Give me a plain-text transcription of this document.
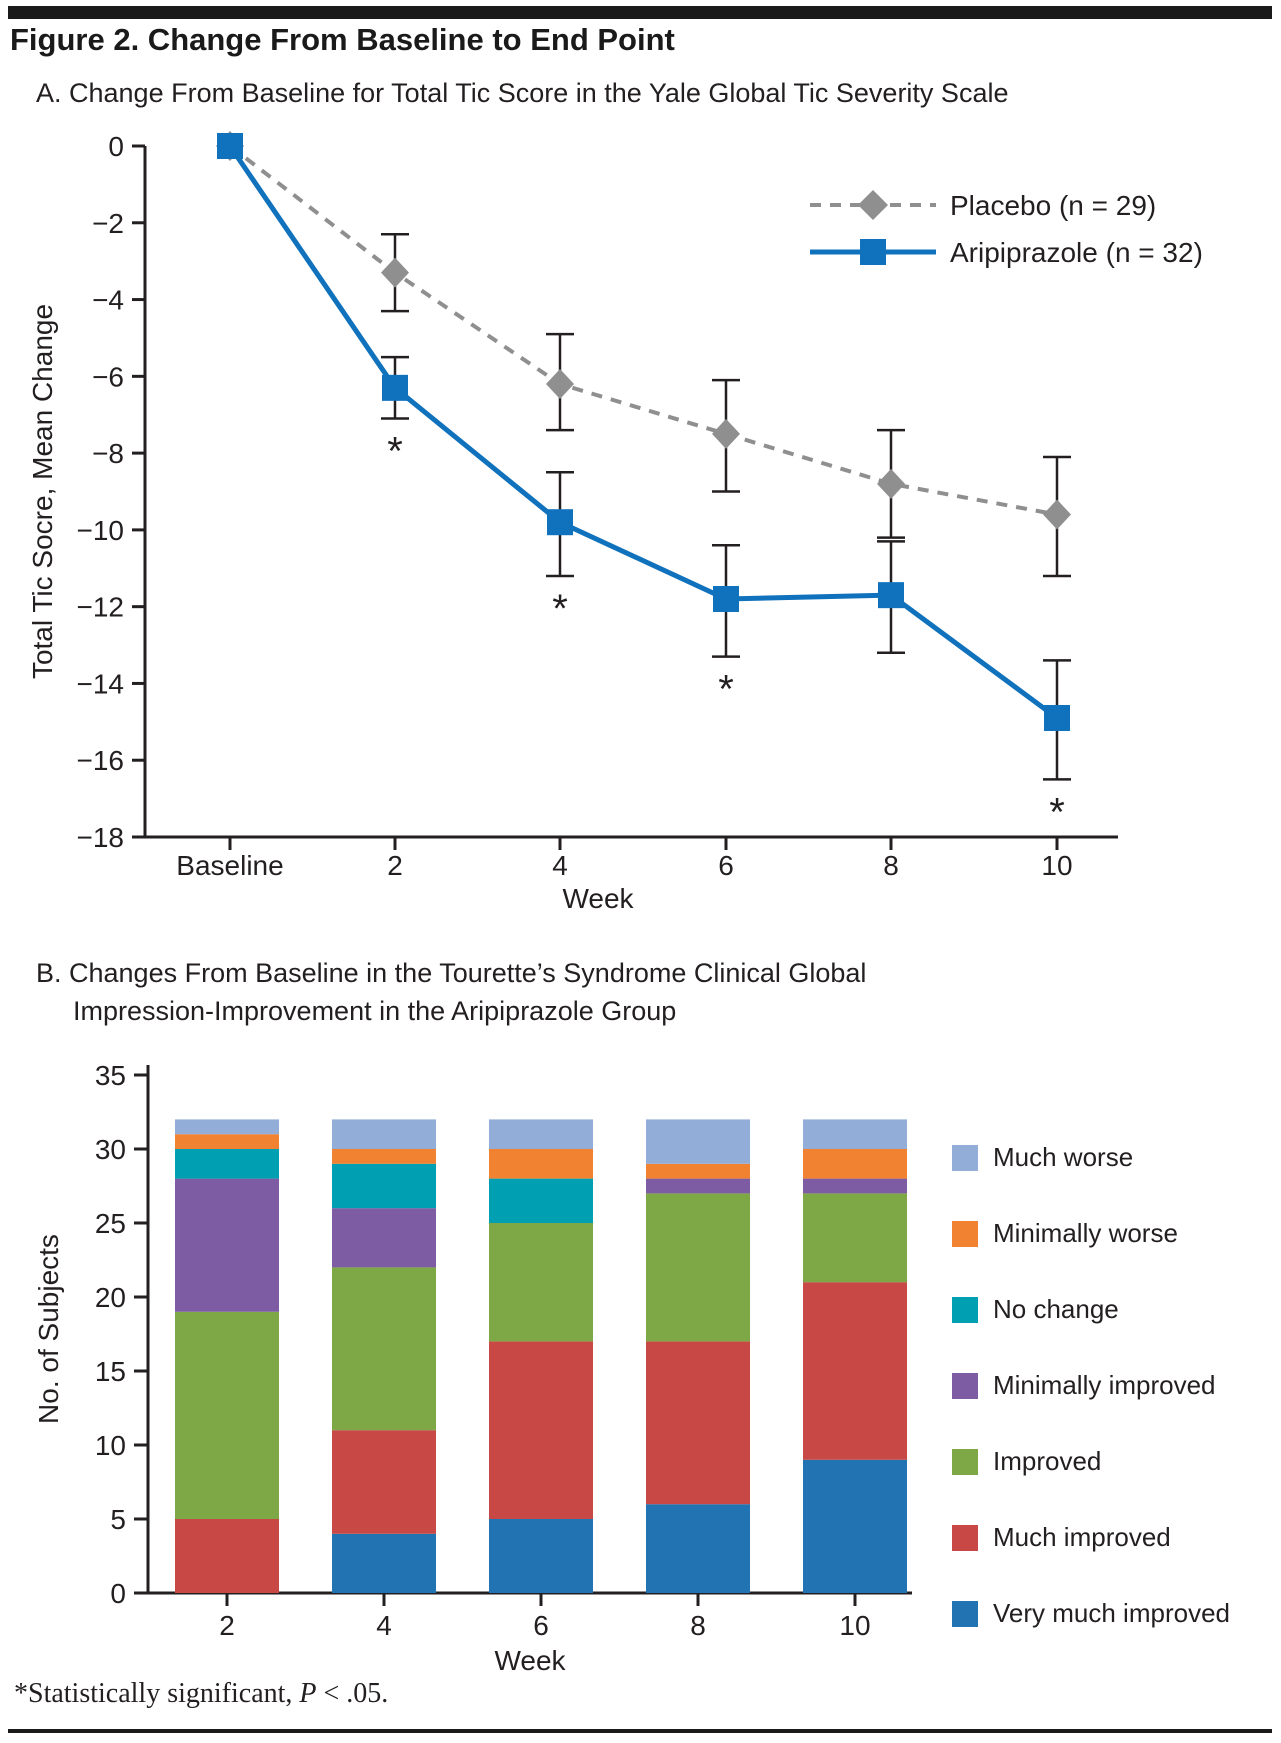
Figure 2. Change From Baseline to End Point
A. Change From Baseline for Total Tic Score in the Yale Global Tic Severity Scale
0
−2
−4
−6
−8
−10
−12
−14
−16
−18
Baseline	2	4	6	8	10
Week
Total Tic Socre, Mean Change
Placebo (n = 29)
Aripiprazole (n = 32)
*
*
*
*
B. Changes From Baseline in the Tourette’s Syndrome Clinical Global
Impression-Improvement in the Aripiprazole Group
0
5
10
15
20
25
30
35
2	4	6	8	10
Week
No. of Subjects
Much worse
Minimally worse
No change
Minimally improved
Improved
Much improved
Very much improved
*Statistically significant, P < .05.
